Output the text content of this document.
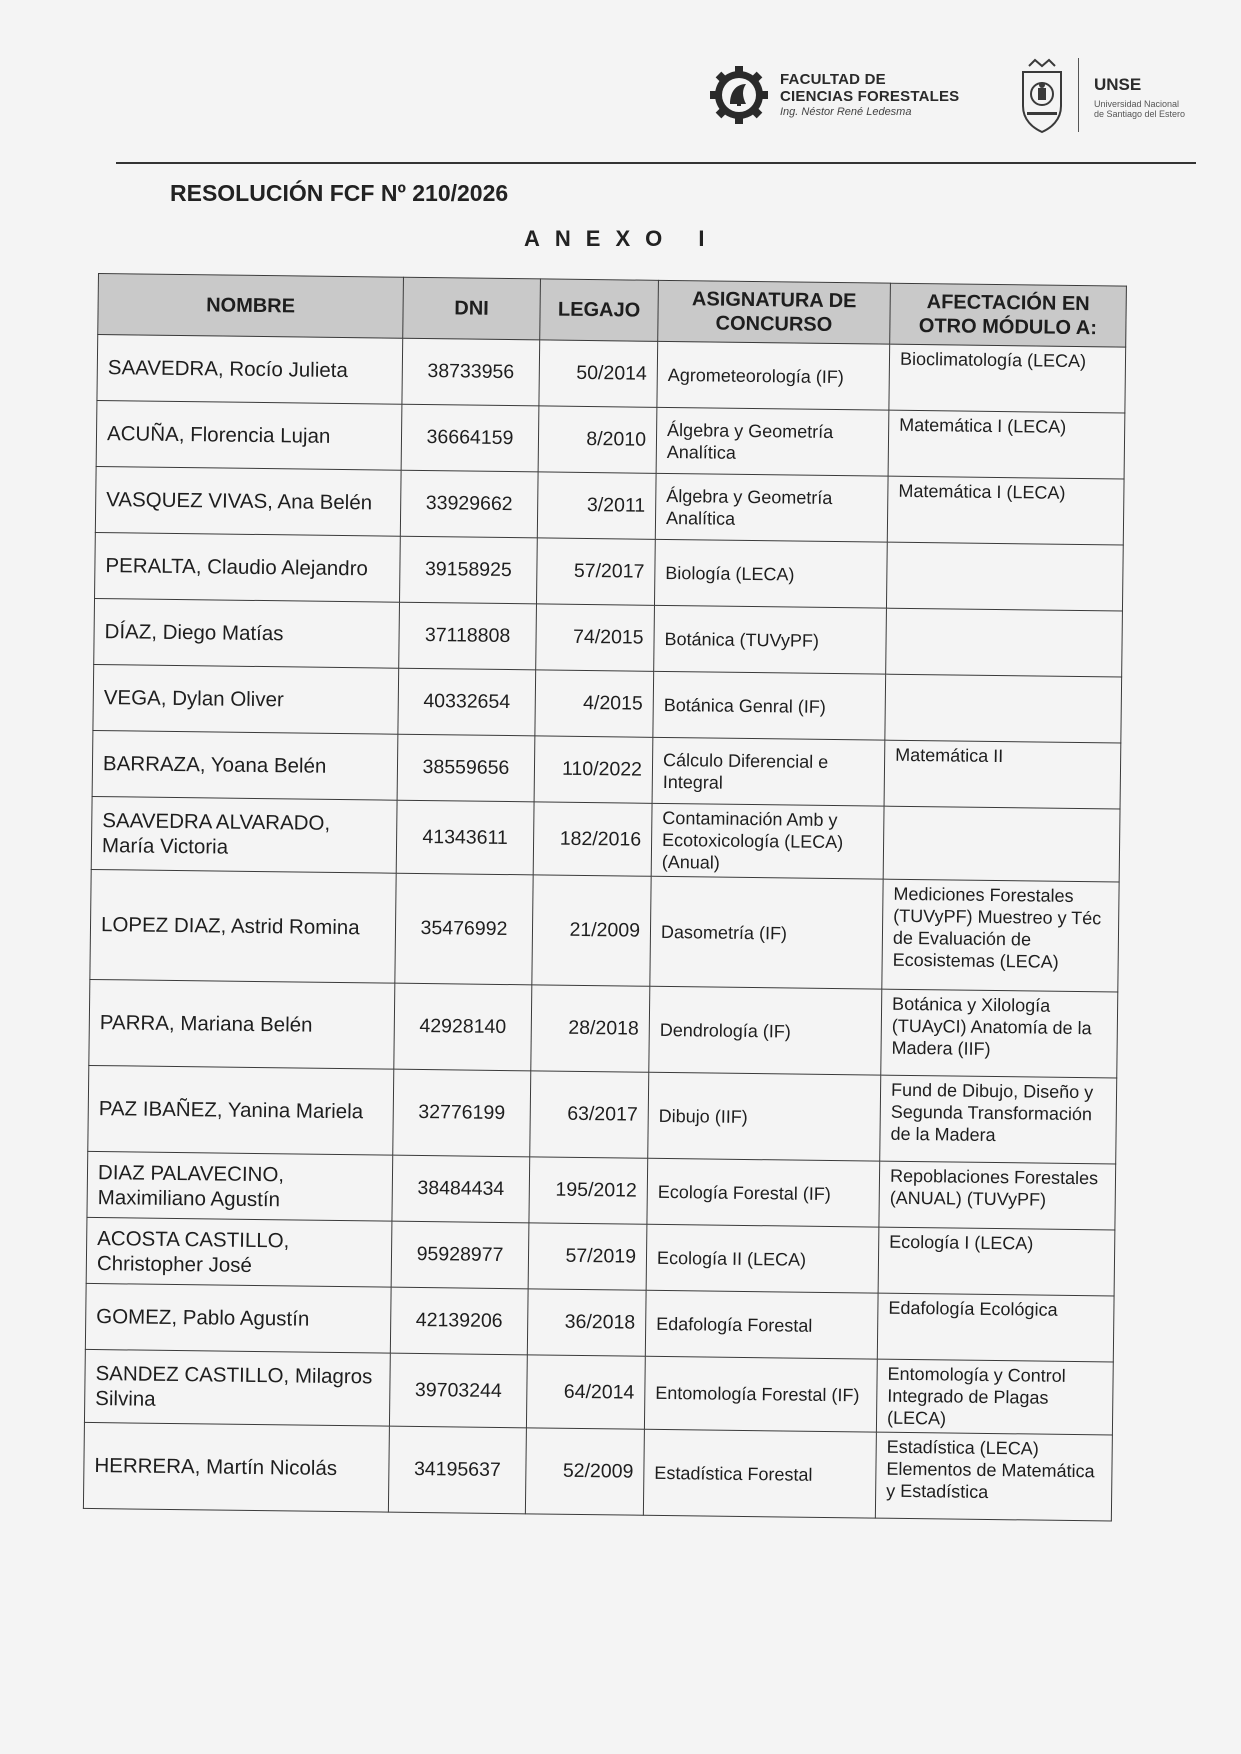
FACULTAD DE
CIENCIAS FORESTALES
Ing. Néstor René Ledesma
UNSE
Universidad Nacional
de Santiago del Estero
RESOLUCIÓN FCF Nº 210/2026
ANEXO I
NOMBRE	DNI	LEGAJO	ASIGNATURA DE CONCURSO	AFECTACIÓN EN OTRO MÓDULO A:
SAAVEDRA, Rocío Julieta	38733956	50/2014	Agrometeorología (IF)	Bioclimatología (LECA)
ACUÑA, Florencia Lujan	36664159	8/2010	Álgebra y Geometría Analítica	Matemática I (LECA)
VASQUEZ VIVAS, Ana Belén	33929662	3/2011	Álgebra y Geometría Analítica	Matemática I (LECA)
PERALTA, Claudio Alejandro	39158925	57/2017	Biología (LECA)	
DÍAZ, Diego Matías	37118808	74/2015	Botánica (TUVyPF)	
VEGA, Dylan Oliver	40332654	4/2015	Botánica Genral (IF)	
BARRAZA, Yoana Belén	38559656	110/2022	Cálculo Diferencial e Integral	Matemática II
SAAVEDRA ALVARADO, María Victoria	41343611	182/2016	Contaminación Amb y Ecotoxicología (LECA) (Anual)	
LOPEZ DIAZ, Astrid Romina	35476992	21/2009	Dasometría (IF)	Mediciones Forestales (TUVyPF) Muestreo y Téc de Evaluación de Ecosistemas (LECA)
PARRA, Mariana Belén	42928140	28/2018	Dendrología (IF)	Botánica y Xilología (TUAyCI) Anatomía de la Madera (IIF)
PAZ IBAÑEZ, Yanina Mariela	32776199	63/2017	Dibujo (IIF)	Fund de Dibujo, Diseño y Segunda Transformación de la Madera
DIAZ PALAVECINO, Maximiliano Agustín	38484434	195/2012	Ecología Forestal (IF)	Repoblaciones Forestales (ANUAL) (TUVyPF)
ACOSTA CASTILLO, Christopher José	95928977	57/2019	Ecología II (LECA)	Ecología I (LECA)
GOMEZ, Pablo Agustín	42139206	36/2018	Edafología Forestal	Edafología Ecológica
SANDEZ CASTILLO, Milagros Silvina	39703244	64/2014	Entomología Forestal (IF)	Entomología y Control Integrado de Plagas (LECA)
HERRERA, Martín Nicolás	34195637	52/2009	Estadística Forestal	Estadística (LECA) Elementos de Matemática y Estadística
